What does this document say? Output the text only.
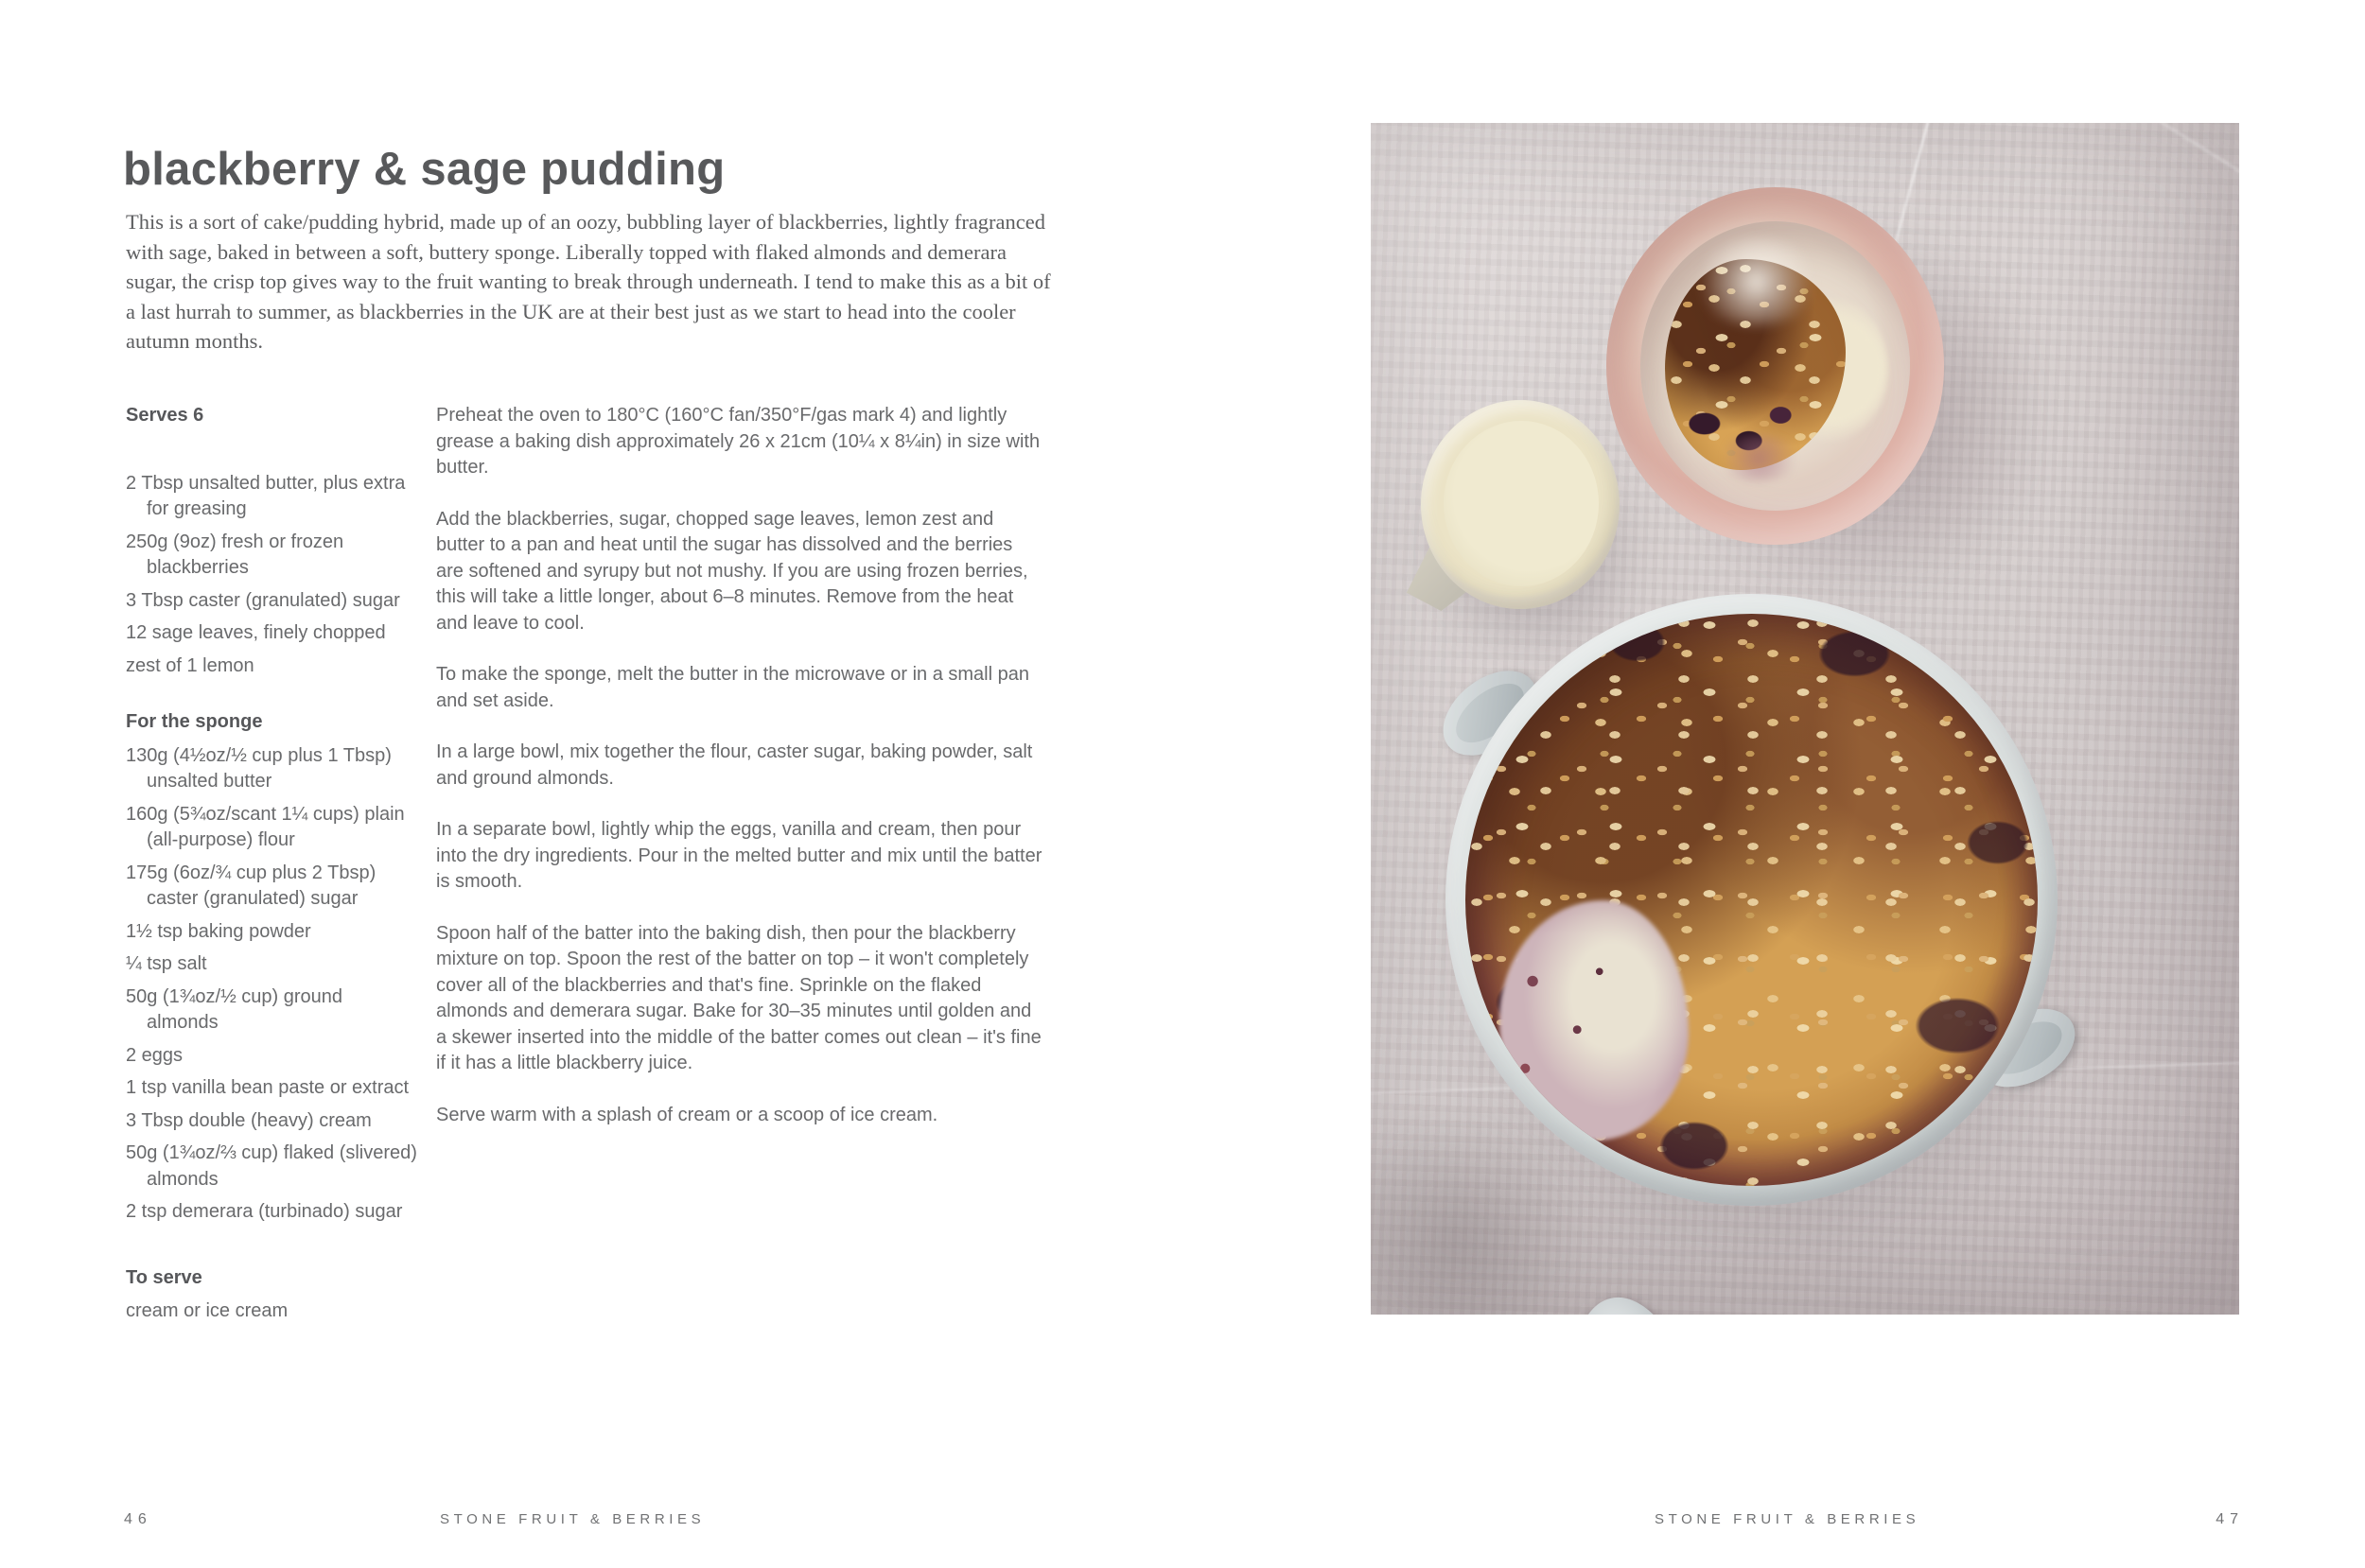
blackberry & sage pudding

This is a sort of cake/pudding hybrid, made up of an oozy, bubbling layer of blackberries, lightly fragranced with sage, baked in between a soft, buttery sponge. Liberally topped with flaked almonds and demerara sugar, the crisp top gives way to the fruit wanting to break through underneath. I tend to make this as a bit of a last hurrah to summer, as blackberries in the UK are at their best just as we start to head into the cooler autumn months.

Serves 6
2 Tbsp unsalted butter, plus extra for greasing
250g (9oz) fresh or frozen blackberries
3 Tbsp caster (granulated) sugar
12 sage leaves, finely chopped
zest of 1 lemon
For the sponge
130g (4½oz/½ cup plus 1 Tbsp) unsalted butter
160g (5¾oz/scant 1¼ cups) plain (all-purpose) flour
175g (6oz/¾ cup plus 2 Tbsp) caster (granulated) sugar
1½ tsp baking powder
¼ tsp salt
50g (1¾oz/½ cup) ground almonds
2 eggs
1 tsp vanilla bean paste or extract
3 Tbsp double (heavy) cream
50g (1¾oz/⅔ cup) flaked (slivered) almonds
2 tsp demerara (turbinado) sugar
To serve
cream or ice cream

Preheat the oven to 180°C (160°C fan/350°F/gas mark 4) and lightly grease a baking dish approximately 26 x 21cm (10¼ x 8¼in) in size with butter.

Add the blackberries, sugar, chopped sage leaves, lemon zest and butter to a pan and heat until the sugar has dissolved and the berries are softened and syrupy but not mushy. If you are using frozen berries, this will take a little longer, about 6–8 minutes. Remove from the heat and leave to cool.

To make the sponge, melt the butter in the microwave or in a small pan and set aside.

In a large bowl, mix together the flour, caster sugar, baking powder, salt and ground almonds.

In a separate bowl, lightly whip the eggs, vanilla and cream, then pour into the dry ingredients. Pour in the melted butter and mix until the batter is smooth.

Spoon half of the batter into the baking dish, then pour the blackberry mixture on top. Spoon the rest of the batter on top – it won't completely cover all of the blackberries and that's fine. Sprinkle on the flaked almonds and demerara sugar. Bake for 30–35 minutes until golden and a skewer inserted into the middle of the batter comes out clean – it's fine if it has a little blackberry juice.

Serve warm with a splash of cream or a scoop of ice cream.

46	STONE FRUIT & BERRIES	STONE FRUIT & BERRIES	47
